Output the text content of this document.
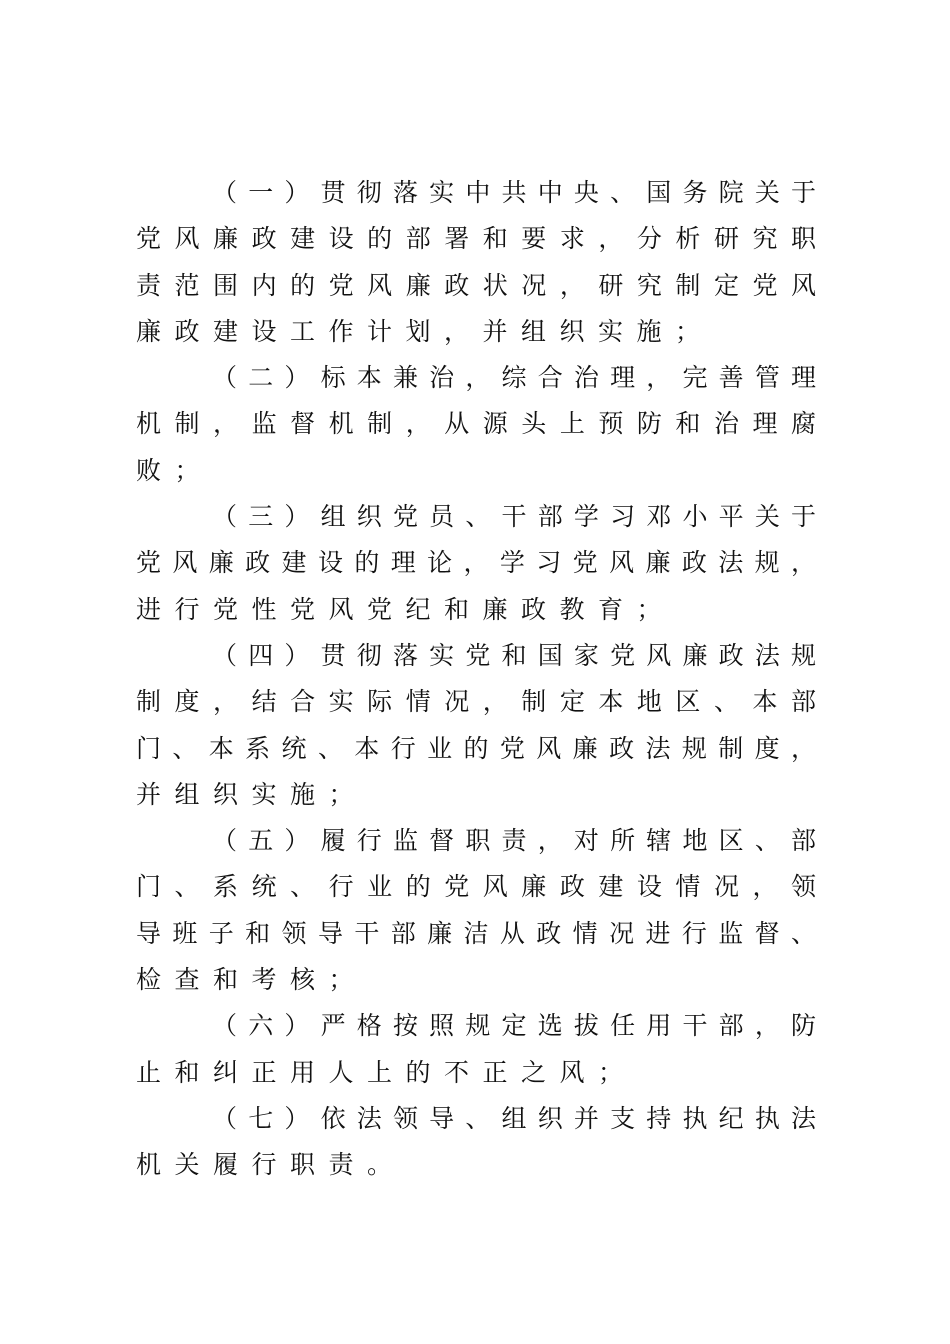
（一）贯彻落实中共中央、国务院关于
党风廉政建设的部署和要求，分析研究职
责范围内的党风廉政状况，研究制定党风
廉政建设工作计划，并组织实施；
（二）标本兼治，综合治理，完善管理
机制，监督机制，从源头上预防和治理腐
败；
（三）组织党员、干部学习邓小平关于
党风廉政建设的理论，学习党风廉政法规，
进行党性党风党纪和廉政教育；
（四）贯彻落实党和国家党风廉政法规
制度，结合实际情况，制定本地区、本部
门、本系统、本行业的党风廉政法规制度，
并组织实施；
（五）履行监督职责，对所辖地区、部
门、系统、行业的党风廉政建设情况，领
导班子和领导干部廉洁从政情况进行监督、
检查和考核；
（六）严格按照规定选拔任用干部，防
止和纠正用人上的不正之风；
（七）依法领导、组织并支持执纪执法
机关履行职责。
